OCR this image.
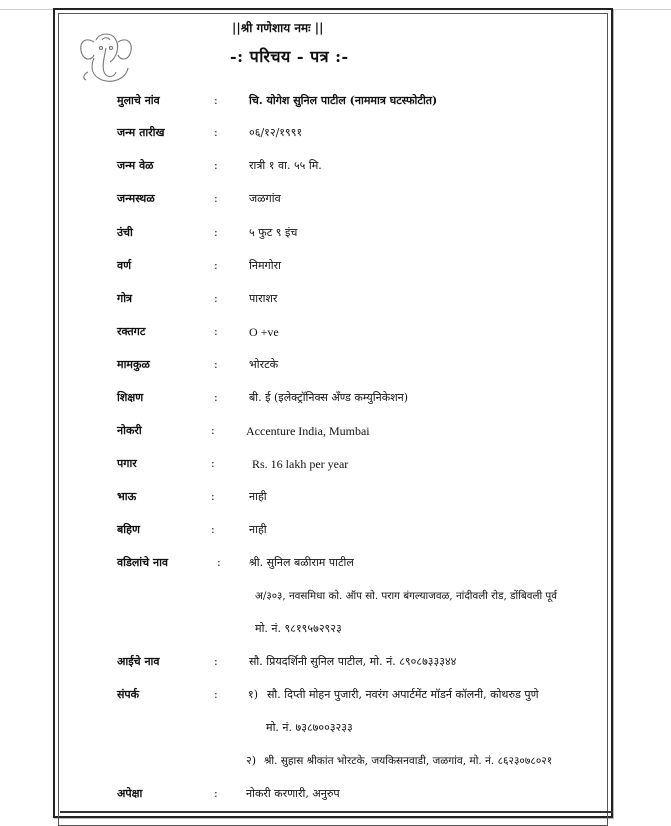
||श्री गणेशाय नमः ||
-: परिचय - पत्र :-
मुलाचे नांव	:	चि. योगेश सुनिल पाटील (नाममात्र घटस्फोटीत)
जन्म तारीख	:	०६/१२/१९९१
जन्म वेळ	:	रात्री १ वा. ५५ मि.
जन्मस्थळ	:	जळगांव
उंची	:	५ फुट ९ इंच
वर्ण	:	निमगोरा
गोत्र	:	पाराशर
रक्तगट	:	O +ve
मामकुळ	:	भोरटके
शिक्षण	:	बी. ई (इलेक्ट्रॉनिक्स अँण्ड कम्युनिकेशन)
नोकरी	:	Accenture India, Mumbai
पगार	:	Rs. 16 lakh per year
भाऊ	:	नाही
बहिण	:	नाही
वडिलांचे नाव	:	श्री. सुनिल बळीराम पाटील
अ/३०३, नवसमिधा को. ऑप सो. पराग बंगल्याजवळ, नांदीवली रोड, डोंबिवली पूर्व
मो. नं. ९८१९५७२९२३
आईचे नाव	:	सौ. प्रियदर्शिनी सुनिल पाटील, मो. नं. ८९०८७३३३४४
संपर्क	:	१) सौ. दिप्ती मोहन पुजारी, नवरंग अपार्टमेंट मॉडर्न कॉलनी, कोथरुड पुणे
मो. नं. ७३८७००३२३३
२) श्री. सुहास श्रीकांत भोरटके, जयकिसनवाडी, जळगांव, मो. नं. ८६२३०७८०२१
अपेक्षा	:	नोकरी करणारी, अनुरुप
